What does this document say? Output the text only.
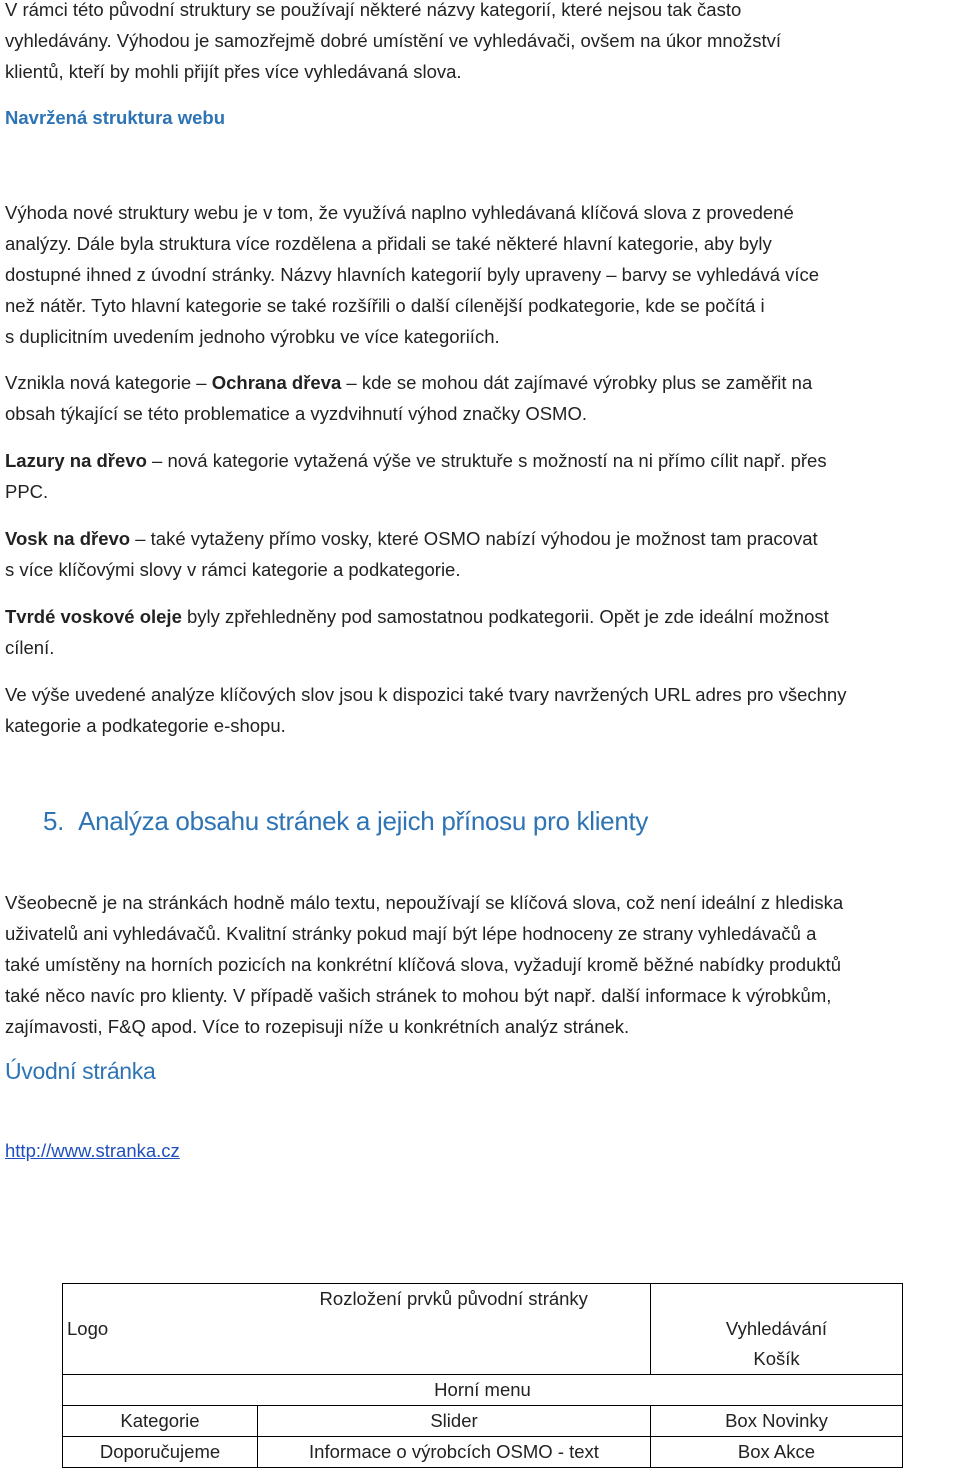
V rámci této původní struktury se používají některé názvy kategorií, které nejsou tak často
vyhledávány. Výhodou je samozřejmě dobré umístění ve vyhledávači, ovšem na úkor množství
klientů, kteří by mohli přijít přes více vyhledávaná slova.

Navržená struktura webu

Výhoda nové struktury webu je v tom, že využívá naplno vyhledávaná klíčová slova z provedené
analýzy. Dále byla struktura více rozdělena a přidali se také některé hlavní kategorie, aby byly
dostupné ihned z úvodní stránky. Názvy hlavních kategorií byly upraveny – barvy se vyhledává více
než nátěr. Tyto hlavní kategorie se také rozšířili o další cílenější podkategorie, kde se počítá i
s duplicitním uvedením jednoho výrobku ve více kategoriích.

Vznikla nová kategorie – Ochrana dřeva – kde se mohou dát zajímavé výrobky plus se zaměřit na
obsah týkající se této problematice a vyzdvihnutí výhod značky OSMO.

Lazury na dřevo – nová kategorie vytažená výše ve struktuře s možností na ni přímo cílit např. přes
PPC.

Vosk na dřevo – také vytaženy přímo vosky, které OSMO nabízí výhodou je možnost tam pracovat
s více klíčovými slovy v rámci kategorie a podkategorie.

Tvrdé voskové oleje byly zpřehledněny pod samostatnou podkategorii. Opět je zde ideální možnost
cílení.

Ve výše uvedené analýze klíčových slov jsou k dispozici také tvary navržených URL adres pro všechny
kategorie a podkategorie e-shopu.

5. Analýza obsahu stránek a jejich přínosu pro klienty

Všeobecně je na stránkách hodně málo textu, nepoužívají se klíčová slova, což není ideální z hlediska
uživatelů ani vyhledávačů. Kvalitní stránky pokud mají být lépe hodnoceny ze strany vyhledávačů a
také umístěny na horních pozicích na konkrétní klíčová slova, vyžadují kromě běžné nabídky produktů
také něco navíc pro klienty. V případě vašich stránek to mohou být např. další informace k výrobkům,
zajímavosti, F&Q apod. Více to rozepisuji níže u konkrétních analýz stránek.

Úvodní stránka
http://www.stranka.cz
	Rozložení prvků původní stránky	
Logo		Vyhledávání
		Košík
Horní menu		
Kategorie	Slider	Box Novinky
Doporučujeme	Informace o výrobcích OSMO - text	Box Akce
